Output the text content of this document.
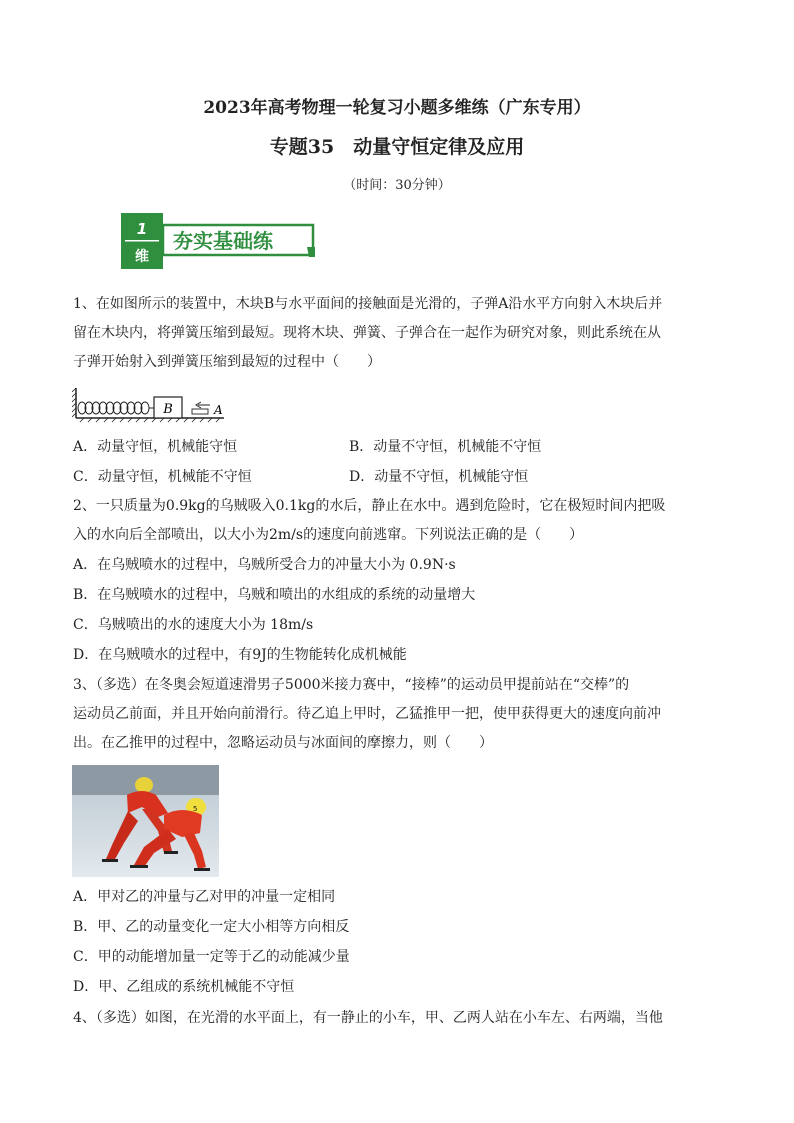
2023年高考物理一轮复习小题多维练（广东专用）
专题35　动量守恒定律及应用
（时间：30分钟）
1
维
夯实基础练
1、在如图所示的装置中，木块B与水平面间的接触面是光滑的，子弹A沿水平方向射入木块后并
留在木块内，将弹簧压缩到最短。现将木块、弹簧、子弹合在一起作为研究对象，则此系统在从
子弹开始射入到弹簧压缩到最短的过程中（　　）
B	A
A．动量守恒，机械能守恒	B．动量不守恒，机械能不守恒
C．动量守恒，机械能不守恒	D．动量不守恒，机械能守恒
2、一只质量为0.9kg的乌贼吸入0.1kg的水后，静止在水中。遇到危险时，它在极短时间内把吸
入的水向后全部喷出，以大小为2m/s的速度向前逃窜。下列说法正确的是（　　）
A．在乌贼喷水的过程中，乌贼所受合力的冲量大小为 0.9N·s
B．在乌贼喷水的过程中，乌贼和喷出的水组成的系统的动量增大
C．乌贼喷出的水的速度大小为 18m/s
D．在乌贼喷水的过程中，有9J的生物能转化成机械能
3、（多选）在冬奥会短道速滑男子5000米接力赛中，“接棒”的运动员甲提前站在“交棒”的
运动员乙前面，并且开始向前滑行。待乙追上甲时，乙猛推甲一把，使甲获得更大的速度向前冲
出。在乙推甲的过程中，忽略运动员与冰面间的摩擦力，则（　　）
5
A．甲对乙的冲量与乙对甲的冲量一定相同
B．甲、乙的动量变化一定大小相等方向相反
C．甲的动能增加量一定等于乙的动能减少量
D．甲、乙组成的系统机械能不守恒
4、（多选）如图，在光滑的水平面上，有一静止的小车，甲、乙两人站在小车左、右两端，当他
